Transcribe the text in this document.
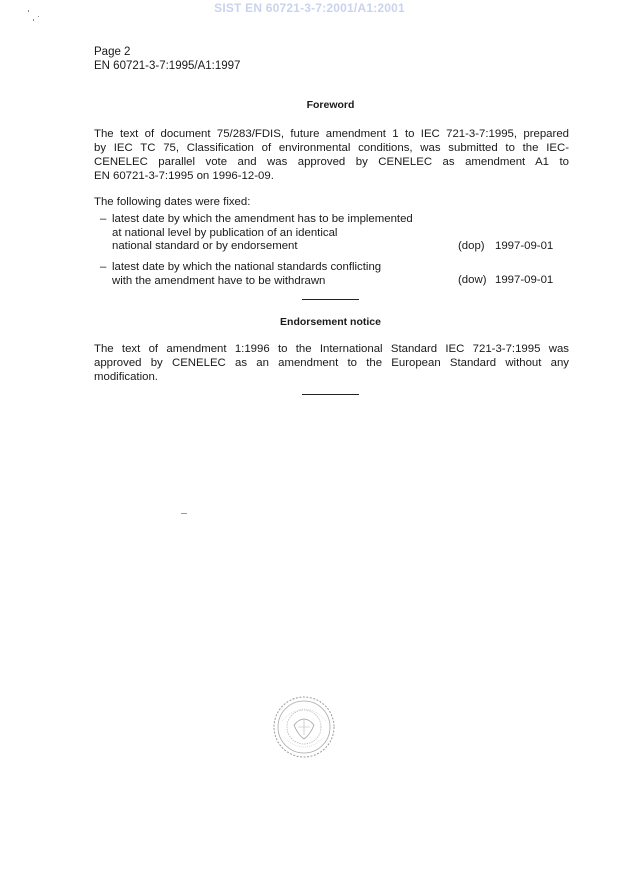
SIST EN 60721-3-7:2001/A1:2001
Page 2
EN 60721-3-7:1995/A1:1997
Foreword
The text of document 75/283/FDIS, future amendment 1 to IEC 721-3-7:1995, prepared
by IEC TC 75, Classification of environmental conditions, was submitted to the IEC-
CENELEC parallel vote and was approved by CENELEC as amendment A1 to
EN 60721-3-7:1995 on 1996-12-09.
The following dates were fixed:
– latest date by which the amendment has to be implemented
at national level by publication of an identical
national standard or by endorsement	(dop) 1997-09-01
– latest date by which the national standards conflicting
with the amendment have to be withdrawn	(dow) 1997-09-01
Endorsement notice
The text of amendment 1:1996 to the International Standard IEC 721-3-7:1995 was
approved by CENELEC as an amendment to the European Standard without any
modification.
